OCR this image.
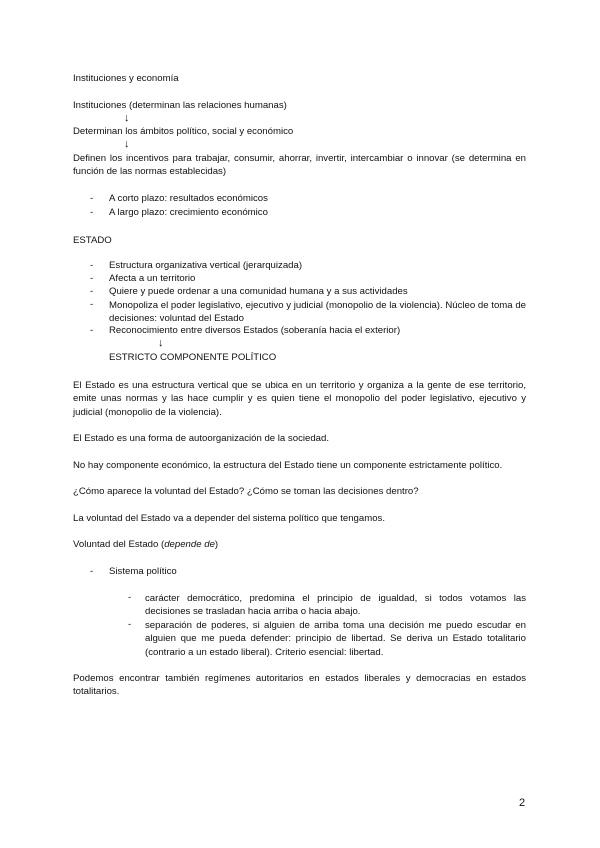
Instituciones y economía
Instituciones (determinan las relaciones humanas)
↓
Determinan los ámbitos político, social y económico
↓
Definen los incentivos para trabajar, consumir, ahorrar, invertir, intercambiar o innovar (se determina en función de las normas establecidas)
- A corto plazo: resultados económicos
- A largo plazo: crecimiento económico
ESTADO
- Estructura organizativa vertical (jerarquizada)
- Afecta a un territorio
- Quiere y puede ordenar a una comunidad humana y a sus actividades
- Monopoliza el poder legislativo, ejecutivo y judicial (monopolio de la violencia). Núcleo de toma de decisiones: voluntad del Estado
- Reconocimiento entre diversos Estados (soberanía hacia el exterior)
↓
ESTRICTO COMPONENTE POLÍTICO
El Estado es una estructura vertical que se ubica en un territorio y organiza a la gente de ese territorio, emite unas normas y las hace cumplir y es quien tiene el monopolio del poder legislativo, ejecutivo y judicial (monopolio de la violencia).
El Estado es una forma de autoorganización de la sociedad.
No hay componente económico, la estructura del Estado tiene un componente estrictamente político.
¿Cómo aparece la voluntad del Estado? ¿Cómo se toman las decisiones dentro?
La voluntad del Estado va a depender del sistema político que tengamos.
Voluntad del Estado (depende de)
- Sistema político
- carácter democrático, predomina el principio de igualdad, si todos votamos las decisiones se trasladan hacia arriba o hacia abajo.
- separación de poderes, si alguien de arriba toma una decisión me puedo escudar en alguien que me pueda defender: principio de libertad. Se deriva un Estado totalitario (contrario a un estado liberal). Criterio esencial: libertad.
Podemos encontrar también regímenes autoritarios en estados liberales y democracias en estados totalitarios.
2
